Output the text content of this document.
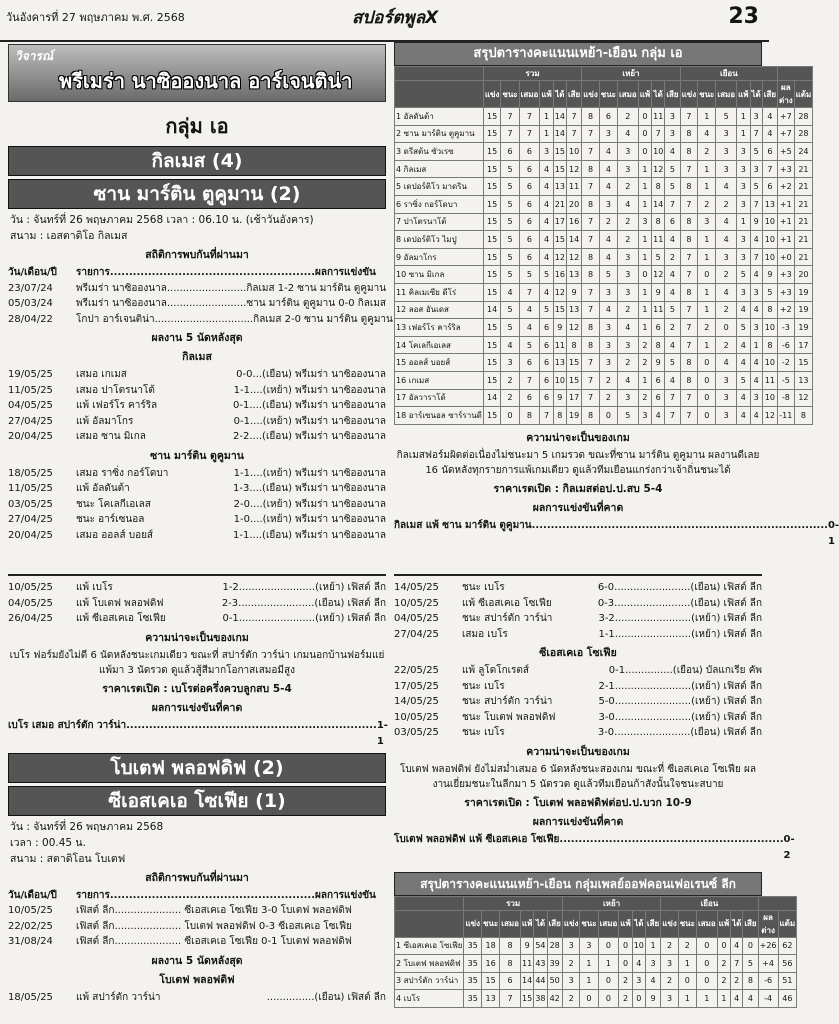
วันอังคารที่ 27 พฤษภาคม พ.ศ. 2568	สปอร์ตพูลX	23
วิจารณ์
พรีเมร่า นาซิอองนาล อาร์เจนติน่า
กลุ่ม เอ
กิลเมส (4)
ซาน มาร์ติน ตูคูมาน (2)
วัน : จันทร์ที่ 26 พฤษภาคม 2568 เวลา : 06.10 น. (เช้าวันอังคาร)
สนาม : เอสตาดิโอ กิลเมส
สถิติการพบกันที่ผ่านมา
วัน/เดือน/ปี	รายการ......................................................ผลการแข่งขัน
23/07/24	พรีเมร่า นาซิอองนาล.........................กิลเมส 1-2 ซาน มาร์ติน ตูคูมาน
05/03/24	พรีเมร่า นาซิอองนาล.........................ซาน มาร์ติน ตูคูมาน 0-0 กิลเมส
28/04/22	โกปา อาร์เจนติน่า...............................กิลเมส 2-0 ซาน มาร์ติน ตูคูมาน
ผลงาน 5 นัดหลังสุด
กิลเมส
19/05/25	เสมอ เกเมส	0-0...(เยือน) พรีเมร่า นาซิอองนาล
11/05/25	เสมอ ปาโตรนาโต้	1-1....(เหย้า) พรีเมร่า นาซิอองนาล
04/05/25	แพ้ เฟอร์โร คาร์ริล	0-1....(เยือน) พรีเมร่า นาซิอองนาล
27/04/25	แพ้ อัลมาโกร	0-1....(เหย้า) พรีเมร่า นาซิอองนาล
20/04/25	เสมอ ซาน มิเกล	2-2....(เยือน) พรีเมร่า นาซิอองนาล
ซาน มาร์ติน ตูคูมาน
18/05/25	เสมอ ราซิ่ง กอร์โดบา	1-1....(เหย้า) พรีเมร่า นาซิอองนาล
11/05/25	แพ้ อัลดันต้า	1-3....(เยือน) พรีเมร่า นาซิอองนาล
03/05/25	ชนะ โคเลกีเอเลส	2-0....(เหย้า) พรีเมร่า นาซิอองนาล
27/04/25	ชนะ อาร์เซนอล	1-0....(เหย้า) พรีเมร่า นาซิอองนาล
20/04/25	เสมอ ออลส์ บอยส์	1-1....(เยือน) พรีเมร่า นาซิอองนาล
สรุปตารางคะแนนเหย้า-เยือน กลุ่ม เอ
	รวม						เหย้า						เยือน							
	แข่ง	ชนะ	เสมอ	แพ้	ได้	เสีย	แข่ง	ชนะ	เสมอ	แพ้	ได้	เสีย	แข่ง	ชนะ	เสมอ	แพ้	ได้	เสีย	ผลต่าง	แต้ม
1 อัลดันต้า	15	7	7	1	14	7	8	6	2	0	11	3	7	1	5	1	3	4	+7	28
2 ซาน มาร์ติน ตูคูมาน	15	7	7	1	14	7	7	3	4	0	7	3	8	4	3	1	7	4	+7	28
3 ดรีสต้น ซัวเรซ	15	6	6	3	15	10	7	4	3	0	10	4	8	2	3	3	5	6	+5	24
4 กิลเมส	15	5	6	4	15	12	8	4	3	1	12	5	7	1	3	3	3	7	+3	21
5 เดปอร์ติโว มาดริน	15	5	6	4	13	11	7	4	2	1	8	5	8	1	4	3	5	6	+2	21
6 ราซิ่ง กอร์โดบา	15	5	6	4	21	20	8	3	4	1	14	7	7	2	2	3	7	13	+1	21
7 ปาโตรนาโต้	15	5	6	4	17	16	7	2	2	3	8	6	8	3	4	1	9	10	+1	21
8 เดปอร์ติโว ไมปู	15	5	6	4	15	14	7	4	2	1	11	4	8	1	4	3	4	10	+1	21
9 อัลมาโกร	15	5	6	4	12	12	8	4	3	1	5	2	7	1	3	3	7	10	+0	21
10 ซาน มิเกล	15	5	5	5	16	13	8	5	3	0	12	4	7	0	2	5	4	9	+3	20
11 คิลเมเซีย ดีโร่	15	4	7	4	12	9	7	3	3	1	9	4	8	1	4	3	3	5	+3	19
12 ลอส อันเดส	14	5	4	5	15	13	7	4	2	1	11	5	7	1	2	4	4	8	+2	19
13 เฟอร์โร คาร์ริล	15	5	4	6	9	12	8	3	4	1	6	2	7	2	0	5	3	10	-3	19
14 โคเลกีเอเลส	15	4	5	6	11	8	8	3	3	2	8	4	7	1	2	4	1	8	-6	17
15 ออลส์ บอยส์	15	3	6	6	13	15	7	3	2	2	9	5	8	0	4	4	4	10	-2	15
16 เกเมส	15	2	7	6	10	15	7	2	4	1	6	4	8	0	3	5	4	11	-5	13
17 อัลวาราโด้	14	2	6	6	9	17	7	2	3	2	6	7	7	0	3	4	3	10	-8	12
18 อาร์เซนอล ซาร์รานดี	15	0	8	7	8	19	8	0	5	3	4	7	7	0	3	4	4	12	-11	8
ความน่าจะเป็นของเกม
กิลเมสฟอร์มผิดต่อเนื่องไม่ชนะมา 5 เกมรวด ขณะที่ซาน มาร์ติน ตูคูมาน ผลงานดีเลย 16 นัดหลังทุกรายการแพ้เกมเดียว ดูแล้วทีมเยือนแกร่งกว่าเจ้าถิ่นชนะได้
ราคาเรตเปิด : กิลเมสต่อป.ป.สบ 5-4
ผลการแข่งขันที่คาด
กิลเมส แพ้ ซาน มาร์ติน ตูคูมาน.............................................................................. 0-1
10/05/25	แพ้ เบโร	1-2........................(เหย้า) เฟิสต์ ลีก
04/05/25	แพ้ โบเตฟ พลอฟดิฟ	2-3........................(เยือน) เฟิสต์ ลีก
26/04/25	แพ้ ซีเอสเคเอ โซเฟีย	0-1........................(เหย้า) เฟิสต์ ลีก
ความน่าจะเป็นของเกม
เบโร ฟอร์มยังไม่ดี 6 นัดหลังชนะเกมเดียว ขณะที่ สปาร์ตัก วาร์น่า เกมนอกบ้านฟอร์มแย่แพ้มา 3 นัดรวด ดูแล้วสู้สีมากโอกาสเสมอมีสูง
ราคาเรตเปิด : เบโรต่อครึ่งควบลูกสบ 5-4
ผลการแข่งขันที่คาด
เบโร เสมอ สปาร์ตัก วาร์น่า.................................................................. 1-1
โบเตฟ พลอฟดิฟ (2)
ซีเอสเคเอ โซเฟีย (1)
วัน : จันทร์ที่ 26 พฤษภาคม 2568
เวลา : 00.45 น.
สนาม : สตาดิโอน โบเตฟ
สถิติการพบกันที่ผ่านมา
วัน/เดือน/ปี	รายการ......................................................ผลการแข่งขัน
10/05/25	เฟิสต์ ลีก..................... ซีเอสเคเอ โซเฟีย 3-0 โบเตฟ พลอฟดิฟ
22/02/25	เฟิสต์ ลีก..................... โบเตฟ พลอฟดิฟ 0-3 ซีเอสเคเอ โซเฟีย
31/08/24	เฟิสต์ ลีก..................... ซีเอสเคเอ โซเฟีย 0-1 โบเตฟ พลอฟดิฟ
ผลงาน 5 นัดหลังสุด
โบเตฟ พลอฟดิฟ
18/05/25	แพ้ สปาร์ตัก วาร์น่า	...............(เยือน) เฟิสต์ ลีก
14/05/25	ชนะ เบโร	6-0........................(เยือน) เฟิสต์ ลีก
10/05/25	แพ้ ซีเอสเคเอ โซเฟีย	0-3........................(เยือน) เฟิสต์ ลีก
04/05/25	ชนะ สปาร์ตัก วาร์น่า	3-2........................(เหย้า) เฟิสต์ ลีก
27/04/25	เสมอ เบโร	1-1........................(เหย้า) เฟิสต์ ลีก
ซีเอสเคเอ โซเฟีย
22/05/25	แพ้ ลูโดโกเรตส์	0-1...............(เยือน) บัลแกเรีย คัพ
17/05/25	ชนะ เบโร	2-1........................(เหย้า) เฟิสต์ ลีก
14/05/25	ชนะ สปาร์ตัก วาร์น่า	5-0........................(เหย้า) เฟิสต์ ลีก
10/05/25	ชนะ โบเตฟ พลอฟดิฟ	3-0........................(เหย้า) เฟิสต์ ลีก
03/05/25	ชนะ เบโร	3-0........................(เยือน) เฟิสต์ ลีก
ความน่าจะเป็นของเกม
โบเตฟ พลอฟดิฟ ยังไม่สมํ่าเสมอ 6 นัดหลังชนะสองเกม ขณะที่ ซีเอสเคเอ โซเฟีย ผลงานเยี่ยมชนะในลีกมา 5 นัดรวด ดูแล้วทีมเยือนก้าสังนั้นใจชนะสบาย
ราคาเรตเปิด : โบเตฟ พลอฟดิฟต่อป.ป.บวก 10-9
ผลการแข่งขันที่คาด
โบเตฟ พลอฟดิฟ แพ้ ซีเอสเคเอ โซเฟีย........................................................... 0-2
สรุปตารางคะแนนเหย้า-เยือน กลุ่มเพลย์ออฟคอนเฟอเรนซ์ ลีก
	รวม						เหย้า						เยือน							
	แข่ง	ชนะ	เสมอ	แพ้	ได้	เสีย	แข่ง	ชนะ	เสมอ	แพ้	ได้	เสีย	แข่ง	ชนะ	เสมอ	แพ้	ได้	เสีย	ผลต่าง	แต้ม
1 ซีเอสเคเอ โซเฟีย	35	18	8	9	54	28	3	3	0	0	10	1	2	2	0	0	4	0	+26	62
2 โบเตฟ พลอฟดิฟ	35	16	8	11	43	39	2	1	1	0	4	3	3	1	0	2	7	5	+4	56
3 สปาร์ตัก วาร์น่า	35	15	6	14	44	50	3	1	0	2	3	4	2	0	0	2	2	8	-6	51
4 เบโร	35	13	7	15	38	42	2	0	0	2	0	9	3	1	1	1	4	4	-4	46
